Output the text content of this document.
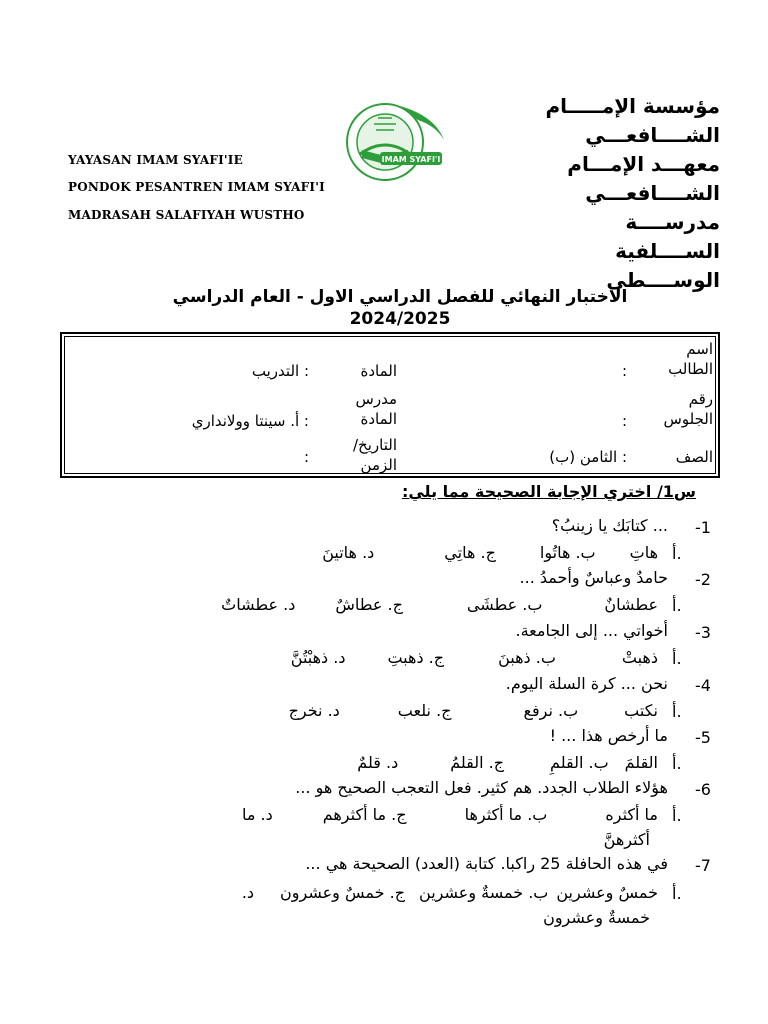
YAYASAN IMAM SYAFI'IE
PONDOK PESANTREN IMAM SYAFI'I
MADRASAH SALAFIYAH WUSTHO
IMAM SYAFI'I
مؤسسة الإمـــــام
الشــــافعـــي
معهـــد الإمـــام
الشــــافعـــي
مدرســــة
الســــلفية
الوســــطى
الاختبار النهائي للفصل الدراسي الاول - العام الدراسي
2024/2025
اسم الطالب
:
المادة
: التدريب
رقم الجلوس
:
مدرس المادة
: أ. سينتا وولانداري
الصف
: الثامن (ب)
التاريخ/ الزمن
:
س1/ اختري الإجابة الصحيحة مما يلي:
-1
... كتابَك يا زينبُ؟
أ.
هاتِب. هاتُواج. هاتِيد. هاتينَ
-2
حامدٌ وعباسٌ وأحمدُ ...
أ.
عطشانٌب. عطشَىج. عطاشٌد. عطشاتٌ
-3
أخواتي ... إلى الجامعة.
أ.
ذهبتْب. ذهبنَج. ذهبتِد. ذهبْتُنَّ
-4
نحن ... كرة السلة اليوم.
أ.
نكتبب. نرفعج. نلعبد. نخرج
-5
ما أرخص هذا ... !
أ.
القلمَب. القلمِج. القلمُد. قلمٌ
-6
هؤلاء الطلاب الجدد. هم كثير. فعل التعجب الصحيح هو ...
أ.
ما أكثرهب. ما أكثرهاج. ما أكثرهمد. ما
أكثرهنَّ
-7
في هذه الحافلة 25 راكبا. كتابة (العدد) الصحيحة هي ...
أ.
خمسٌ وعشرينب. خمسةٌ وعشرينج. خمسٌ وعشروند.
خمسةٌ وعشرون
